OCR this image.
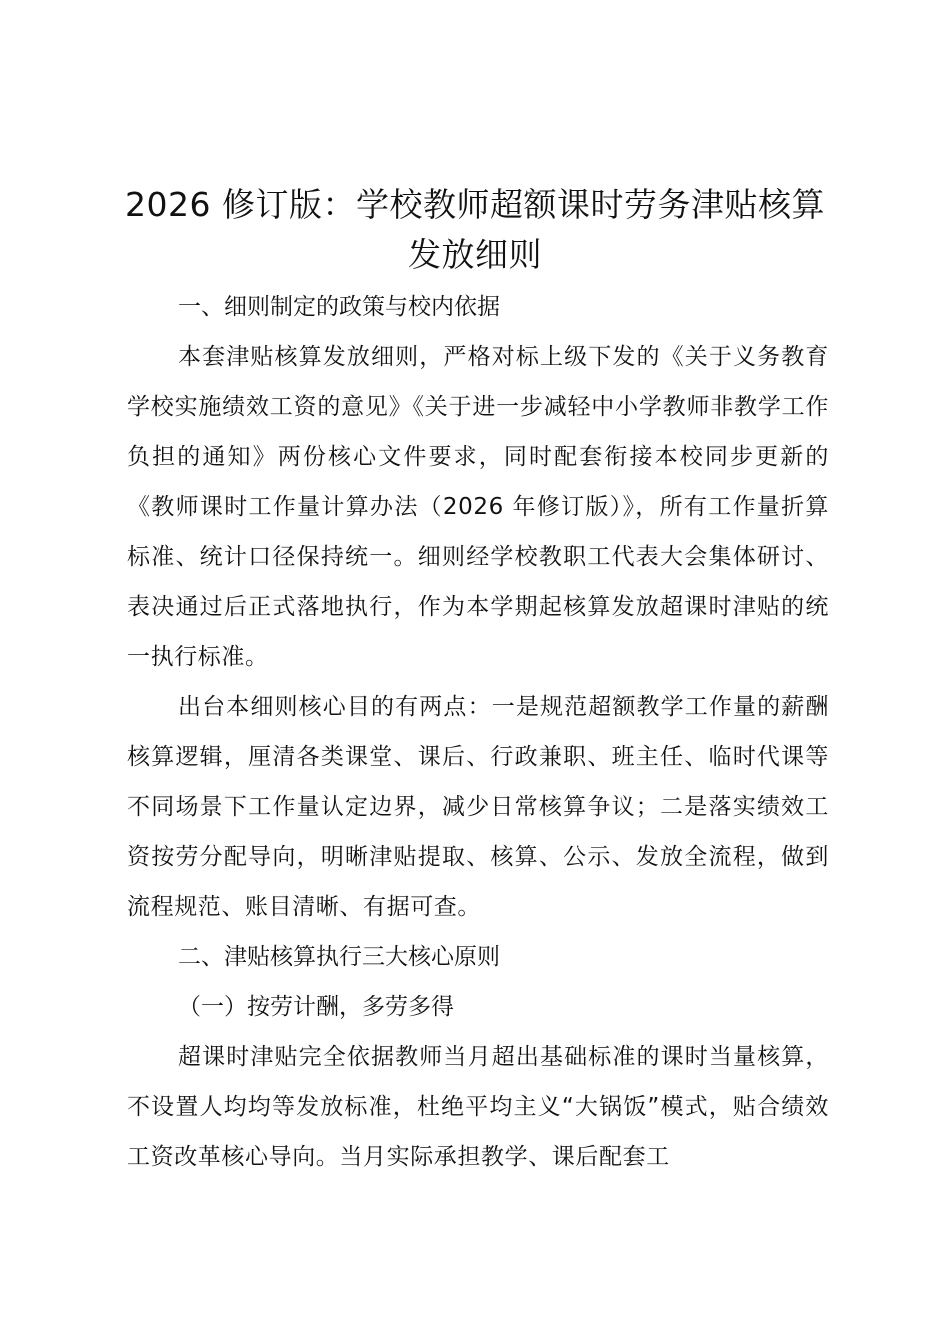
2026 修订版：学校教师超额课时劳务津贴核算发放细则

一、细则制定的政策与校内依据

本套津贴核算发放细则，严格对标上级下发的《关于义务教育学校实施绩效工资的意见》《关于进一步减轻中小学教师非教学工作负担的通知》两份核心文件要求，同时配套衔接本校同步更新的《教师课时工作量计算办法（2026 年修订版）》，所有工作量折算标准、统计口径保持统一。细则经学校教职工代表大会集体研讨、表决通过后正式落地执行，作为本学期起核算发放超课时津贴的统一执行标准。

出台本细则核心目的有两点：一是规范超额教学工作量的薪酬核算逻辑，厘清各类课堂、课后、行政兼职、班主任、临时代课等不同场景下工作量认定边界，减少日常核算争议；二是落实绩效工资按劳分配导向，明晰津贴提取、核算、公示、发放全流程，做到流程规范、账目清晰、有据可查。

二、津贴核算执行三大核心原则

（一）按劳计酬，多劳多得

超课时津贴完全依据教师当月超出基础标准的课时当量核算，不设置人均均等发放标准，杜绝平均主义“大锅饭”模式，贴合绩效工资改革核心导向。当月实际承担教学、课后配套工
